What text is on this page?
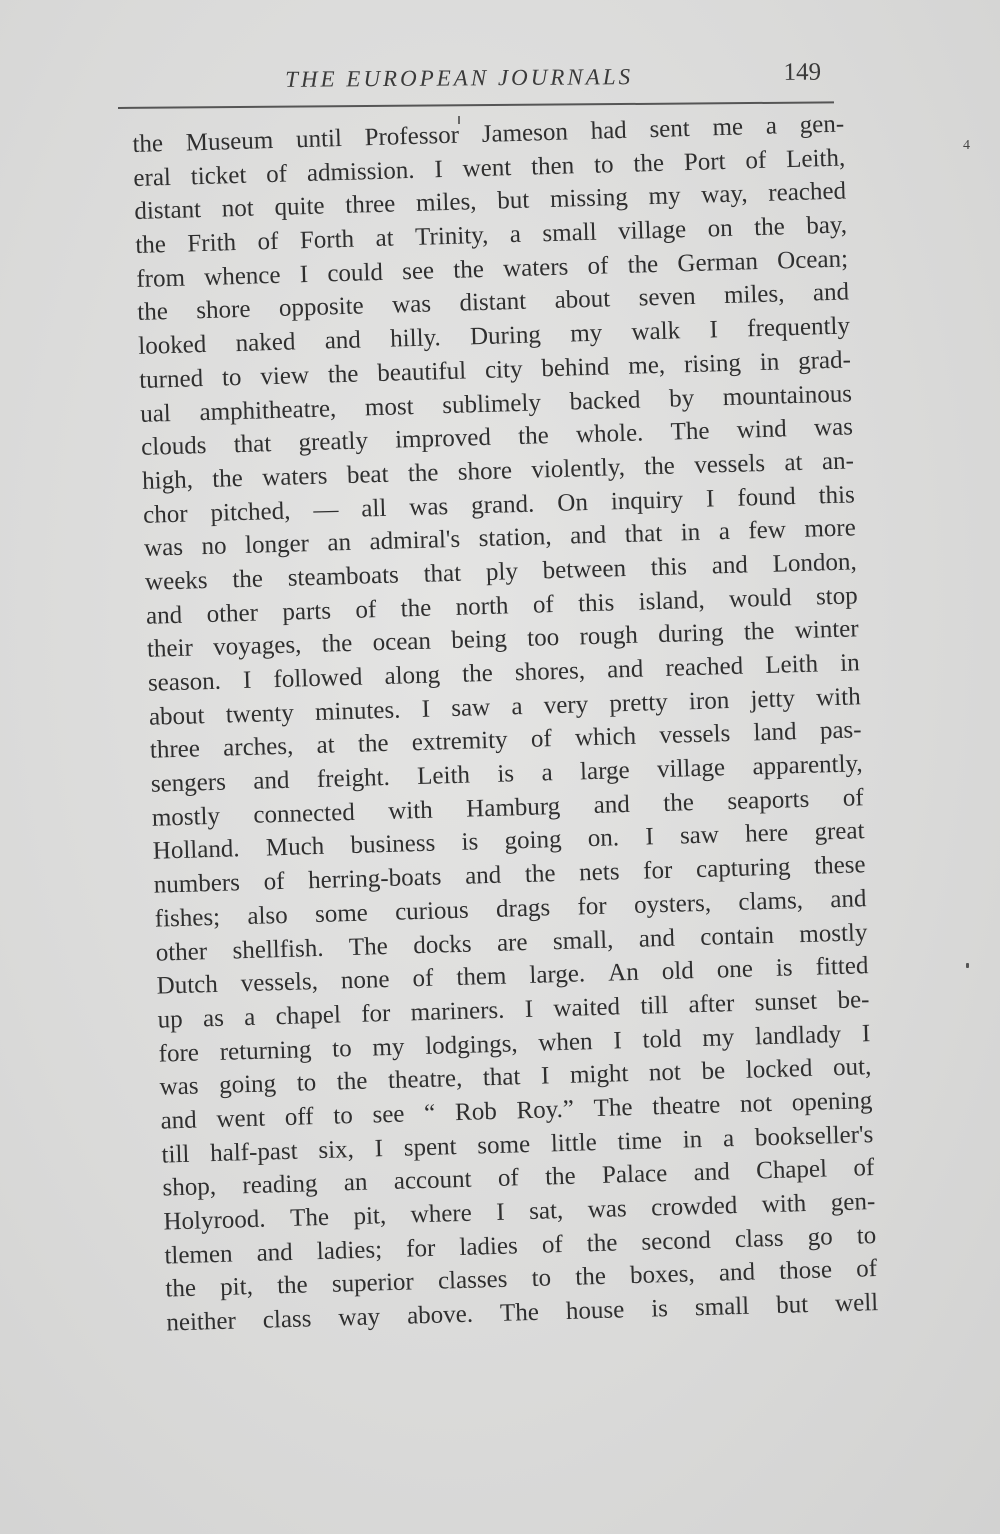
THE EUROPEAN JOURNALS	149
the Museum until Professor Jameson had sent me a gen-
eral ticket of admission. I went then to the Port of Leith,
distant not quite three miles, but missing my way, reached
the Frith of Forth at Trinity, a small village on the bay,
from whence I could see the waters of the German Ocean;
the shore opposite was distant about seven miles, and
looked naked and hilly. During my walk I frequently
turned to view the beautiful city behind me, rising in grad-
ual amphitheatre, most sublimely backed by mountainous
clouds that greatly improved the whole. The wind was
high, the waters beat the shore violently, the vessels at an-
chor pitched, — all was grand. On inquiry I found this
was no longer an admiral's station, and that in a few more
weeks the steamboats that ply between this and London,
and other parts of the north of this island, would stop
their voyages, the ocean being too rough during the winter
season. I followed along the shores, and reached Leith in
about twenty minutes. I saw a very pretty iron jetty with
three arches, at the extremity of which vessels land pas-
sengers and freight. Leith is a large village apparently,
mostly connected with Hamburg and the seaports of
Holland. Much business is going on. I saw here great
numbers of herring-boats and the nets for capturing these
fishes; also some curious drags for oysters, clams, and
other shellfish. The docks are small, and contain mostly
Dutch vessels, none of them large. An old one is fitted
up as a chapel for mariners. I waited till after sunset be-
fore returning to my lodgings, when I told my landlady I
was going to the theatre, that I might not be locked out,
and went off to see “ Rob Roy.” The theatre not opening
till half-past six, I spent some little time in a bookseller's
shop, reading an account of the Palace and Chapel of
Holyrood. The pit, where I sat, was crowded with gen-
tlemen and ladies; for ladies of the second class go to
the pit, the superior classes to the boxes, and those of
neither class way above. The house is small but well
4
